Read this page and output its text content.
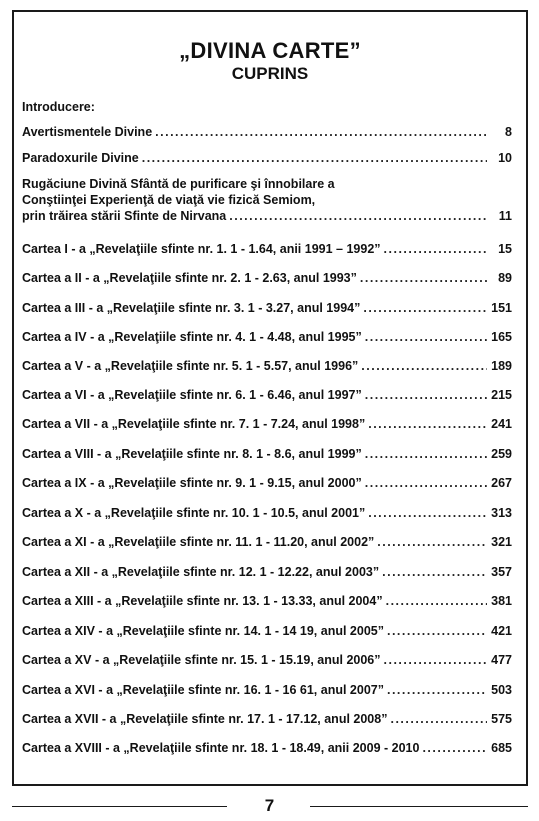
„DIVINA CARTE”
CUPRINS
Introducere:
Avertismentele Divine .....	8
Paradoxurile Divine .....	10
Rugăciune Divină Sfântă de purificare şi înnobilare a
Conştiinţei Experienţă de viaţă vie fizică Semiom,
prin trăirea stării Sfinte de Nirvana .....	11
Cartea I - a „Revelaţiile sfinte nr. 1. 1 - 1.64, anii 1991 – 1992” .....	15
Cartea a II - a „Revelaţiile sfinte nr. 2. 1 - 2.63, anul 1993” .....	89
Cartea a III - a „Revelaţiile sfinte nr. 3. 1 - 3.27, anul 1994” .....	151
Cartea a IV - a „Revelaţiile sfinte nr. 4. 1 - 4.48, anul 1995” .....	165
Cartea a V - a „Revelaţiile sfinte nr. 5. 1 - 5.57, anul 1996” .....	189
Cartea a VI - a „Revelaţiile sfinte nr. 6. 1 - 6.46, anul 1997” .....	215
Cartea a VII - a „Revelaţiile sfinte nr. 7. 1 - 7.24, anul 1998” .....	241
Cartea a VIII - a „Revelaţiile sfinte nr. 8. 1 - 8.6, anul 1999” .....	259
Cartea a IX - a „Revelaţiile sfinte nr. 9. 1 - 9.15, anul 2000” .....	267
Cartea a X - a „Revelaţiile sfinte nr. 10. 1 - 10.5, anul 2001” .....	313
Cartea a XI - a „Revelaţiile sfinte nr. 11. 1 - 11.20, anul 2002” .....	321
Cartea a XII - a „Revelaţiile sfinte nr. 12. 1 - 12.22, anul 2003” .....	357
Cartea a XIII - a „Revelaţiile sfinte nr. 13. 1 - 13.33, anul 2004” .....	381
Cartea a XIV - a „Revelaţiile sfinte nr. 14. 1 - 14 19, anul 2005” .....	421
Cartea a XV - a „Revelaţiile sfinte nr. 15. 1 - 15.19, anul 2006” .....	477
Cartea a XVI - a „Revelaţiile sfinte nr. 16. 1 - 16 61, anul 2007” .....	503
Cartea a XVII - a „Revelaţiile sfinte nr. 17. 1 - 17.12, anul 2008” .....	575
Cartea a XVIII - a „Revelaţiile sfinte nr. 18. 1 - 18.49, anii 2009 - 2010 .....	685
7
